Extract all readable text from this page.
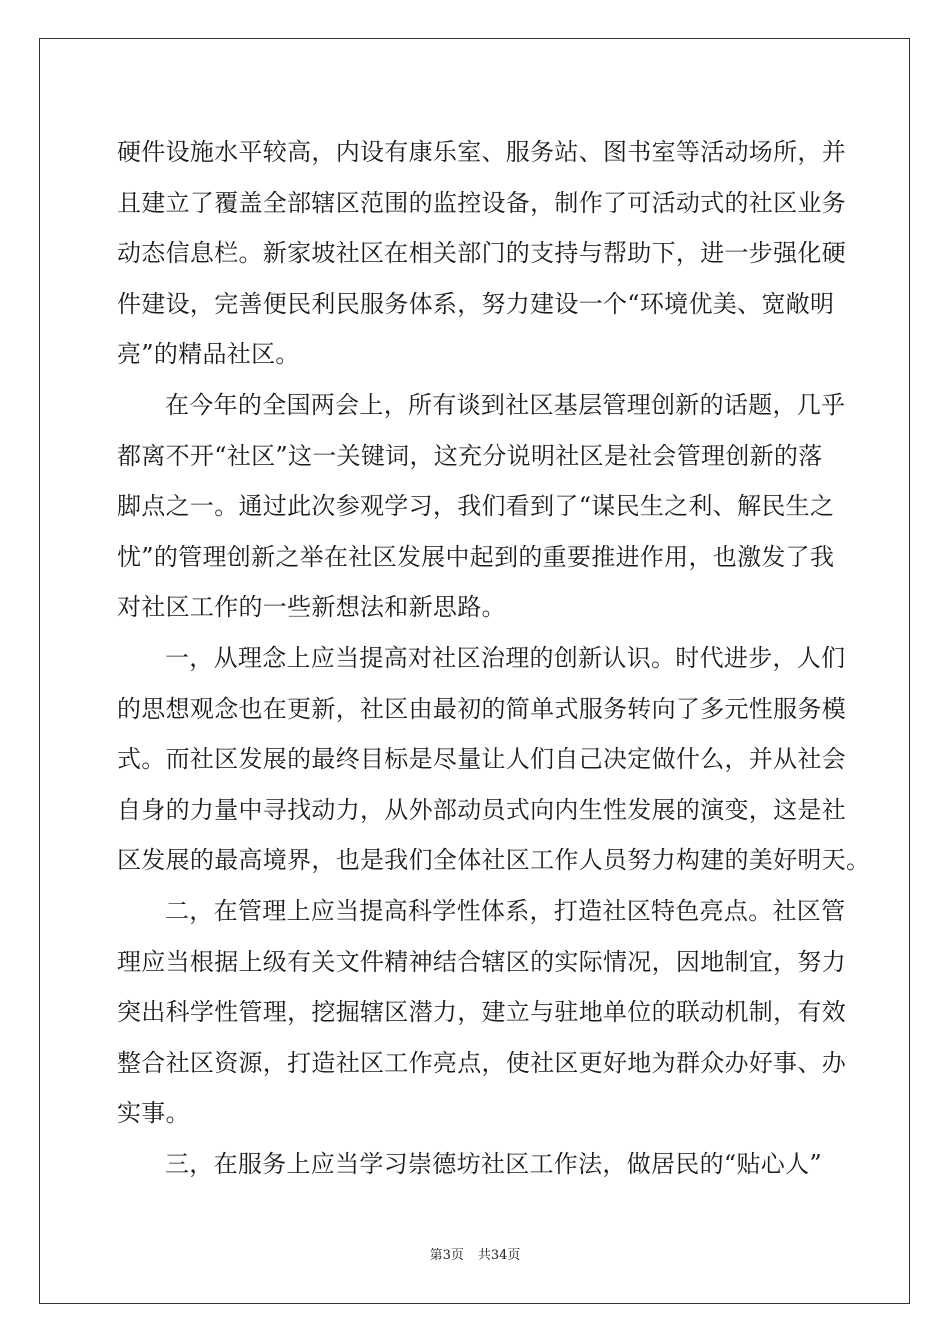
硬件设施水平较高，内设有康乐室、服务站、图书室等活动场所，并
且建立了覆盖全部辖区范围的监控设备，制作了可活动式的社区业务
动态信息栏。新家坡社区在相关部门的支持与帮助下，进一步强化硬
件建设，完善便民利民服务体系，努力建设一个“环境优美、宽敞明
亮”的精品社区。
在今年的全国两会上，所有谈到社区基层管理创新的话题，几乎
都离不开“社区”这一关键词，这充分说明社区是社会管理创新的落
脚点之一。通过此次参观学习，我们看到了“谋民生之利、解民生之
忧”的管理创新之举在社区发展中起到的重要推进作用，也激发了我
对社区工作的一些新想法和新思路。
一，从理念上应当提高对社区治理的创新认识。时代进步，人们
的思想观念也在更新，社区由最初的简单式服务转向了多元性服务模
式。而社区发展的最终目标是尽量让人们自己决定做什么，并从社会
自身的力量中寻找动力，从外部动员式向内生性发展的演变，这是社
区发展的最高境界，也是我们全体社区工作人员努力构建的美好明天。
二，在管理上应当提高科学性体系，打造社区特色亮点。社区管
理应当根据上级有关文件精神结合辖区的实际情况，因地制宜，努力
突出科学性管理，挖掘辖区潜力，建立与驻地单位的联动机制，有效
整合社区资源，打造社区工作亮点，使社区更好地为群众办好事、办
实事。
三，在服务上应当学习崇德坊社区工作法，做居民的“贴心人”
第3页 共34页
